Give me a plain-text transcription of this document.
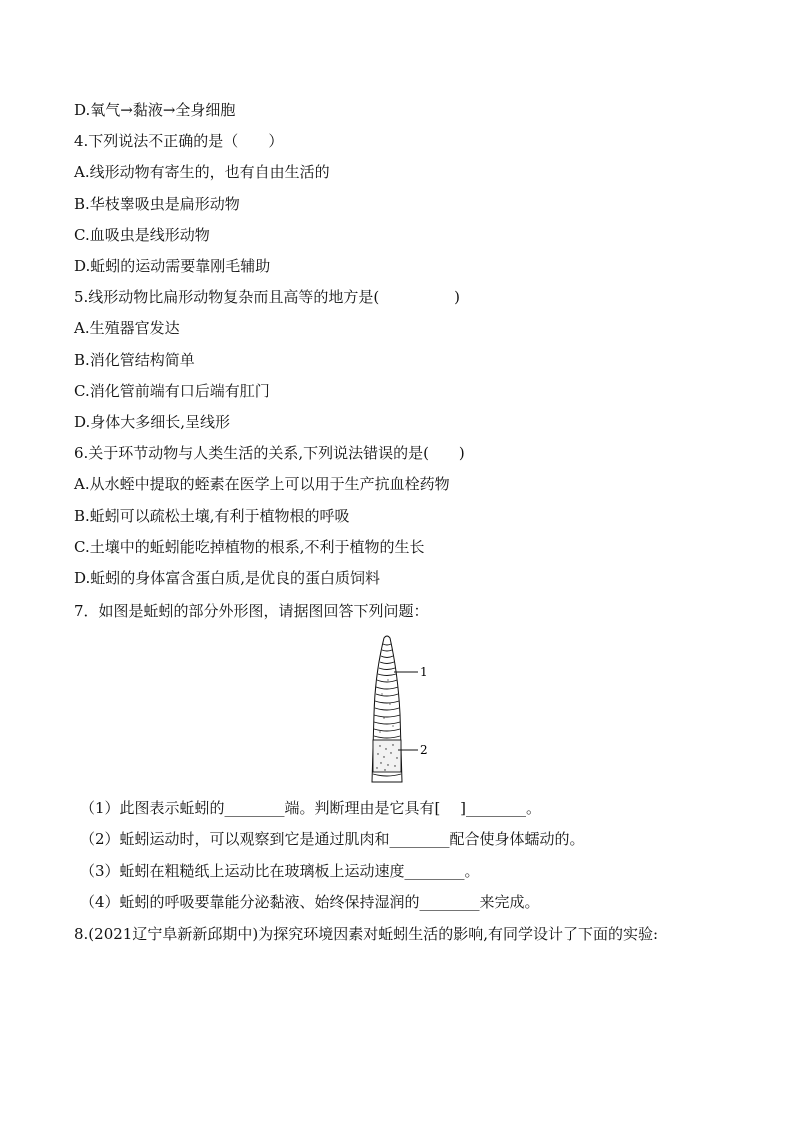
D.氧气→黏液→全身细胞
4.下列说法不正确的是（　　）
A.线形动物有寄生的，也有自由生活的
B.华枝睾吸虫是扁形动物
C.血吸虫是线形动物
D.蚯蚓的运动需要靠刚毛辅助
5.线形动物比扁形动物复杂而且高等的地方是(　　　　　)
A.生殖器官发达
B.消化管结构简单
C.消化管前端有口后端有肛门
D.身体大多细长,呈线形
6.关于环节动物与人类生活的关系,下列说法错误的是(　　)
A.从水蛭中提取的蛭素在医学上可以用于生产抗血栓药物
B.蚯蚓可以疏松土壤,有利于植物根的呼吸
C.土壤中的蚯蚓能吃掉植物的根系,不利于植物的生长
D.蚯蚓的身体富含蛋白质,是优良的蛋白质饲料
7．如图是蚯蚓的部分外形图，请据图回答下列问题：
1
2
（1）此图表示蚯蚓的________端。判断理由是它具有[　 ]________。
（2）蚯蚓运动时，可以观察到它是通过肌肉和________配合使身体蠕动的。
（3）蚯蚓在粗糙纸上运动比在玻璃板上运动速度________。
（4）蚯蚓的呼吸要靠能分泌黏液、始终保持湿润的________来完成。
8.(2021辽宁阜新新邱期中)为探究环境因素对蚯蚓生活的影响,有同学设计了下面的实验:
